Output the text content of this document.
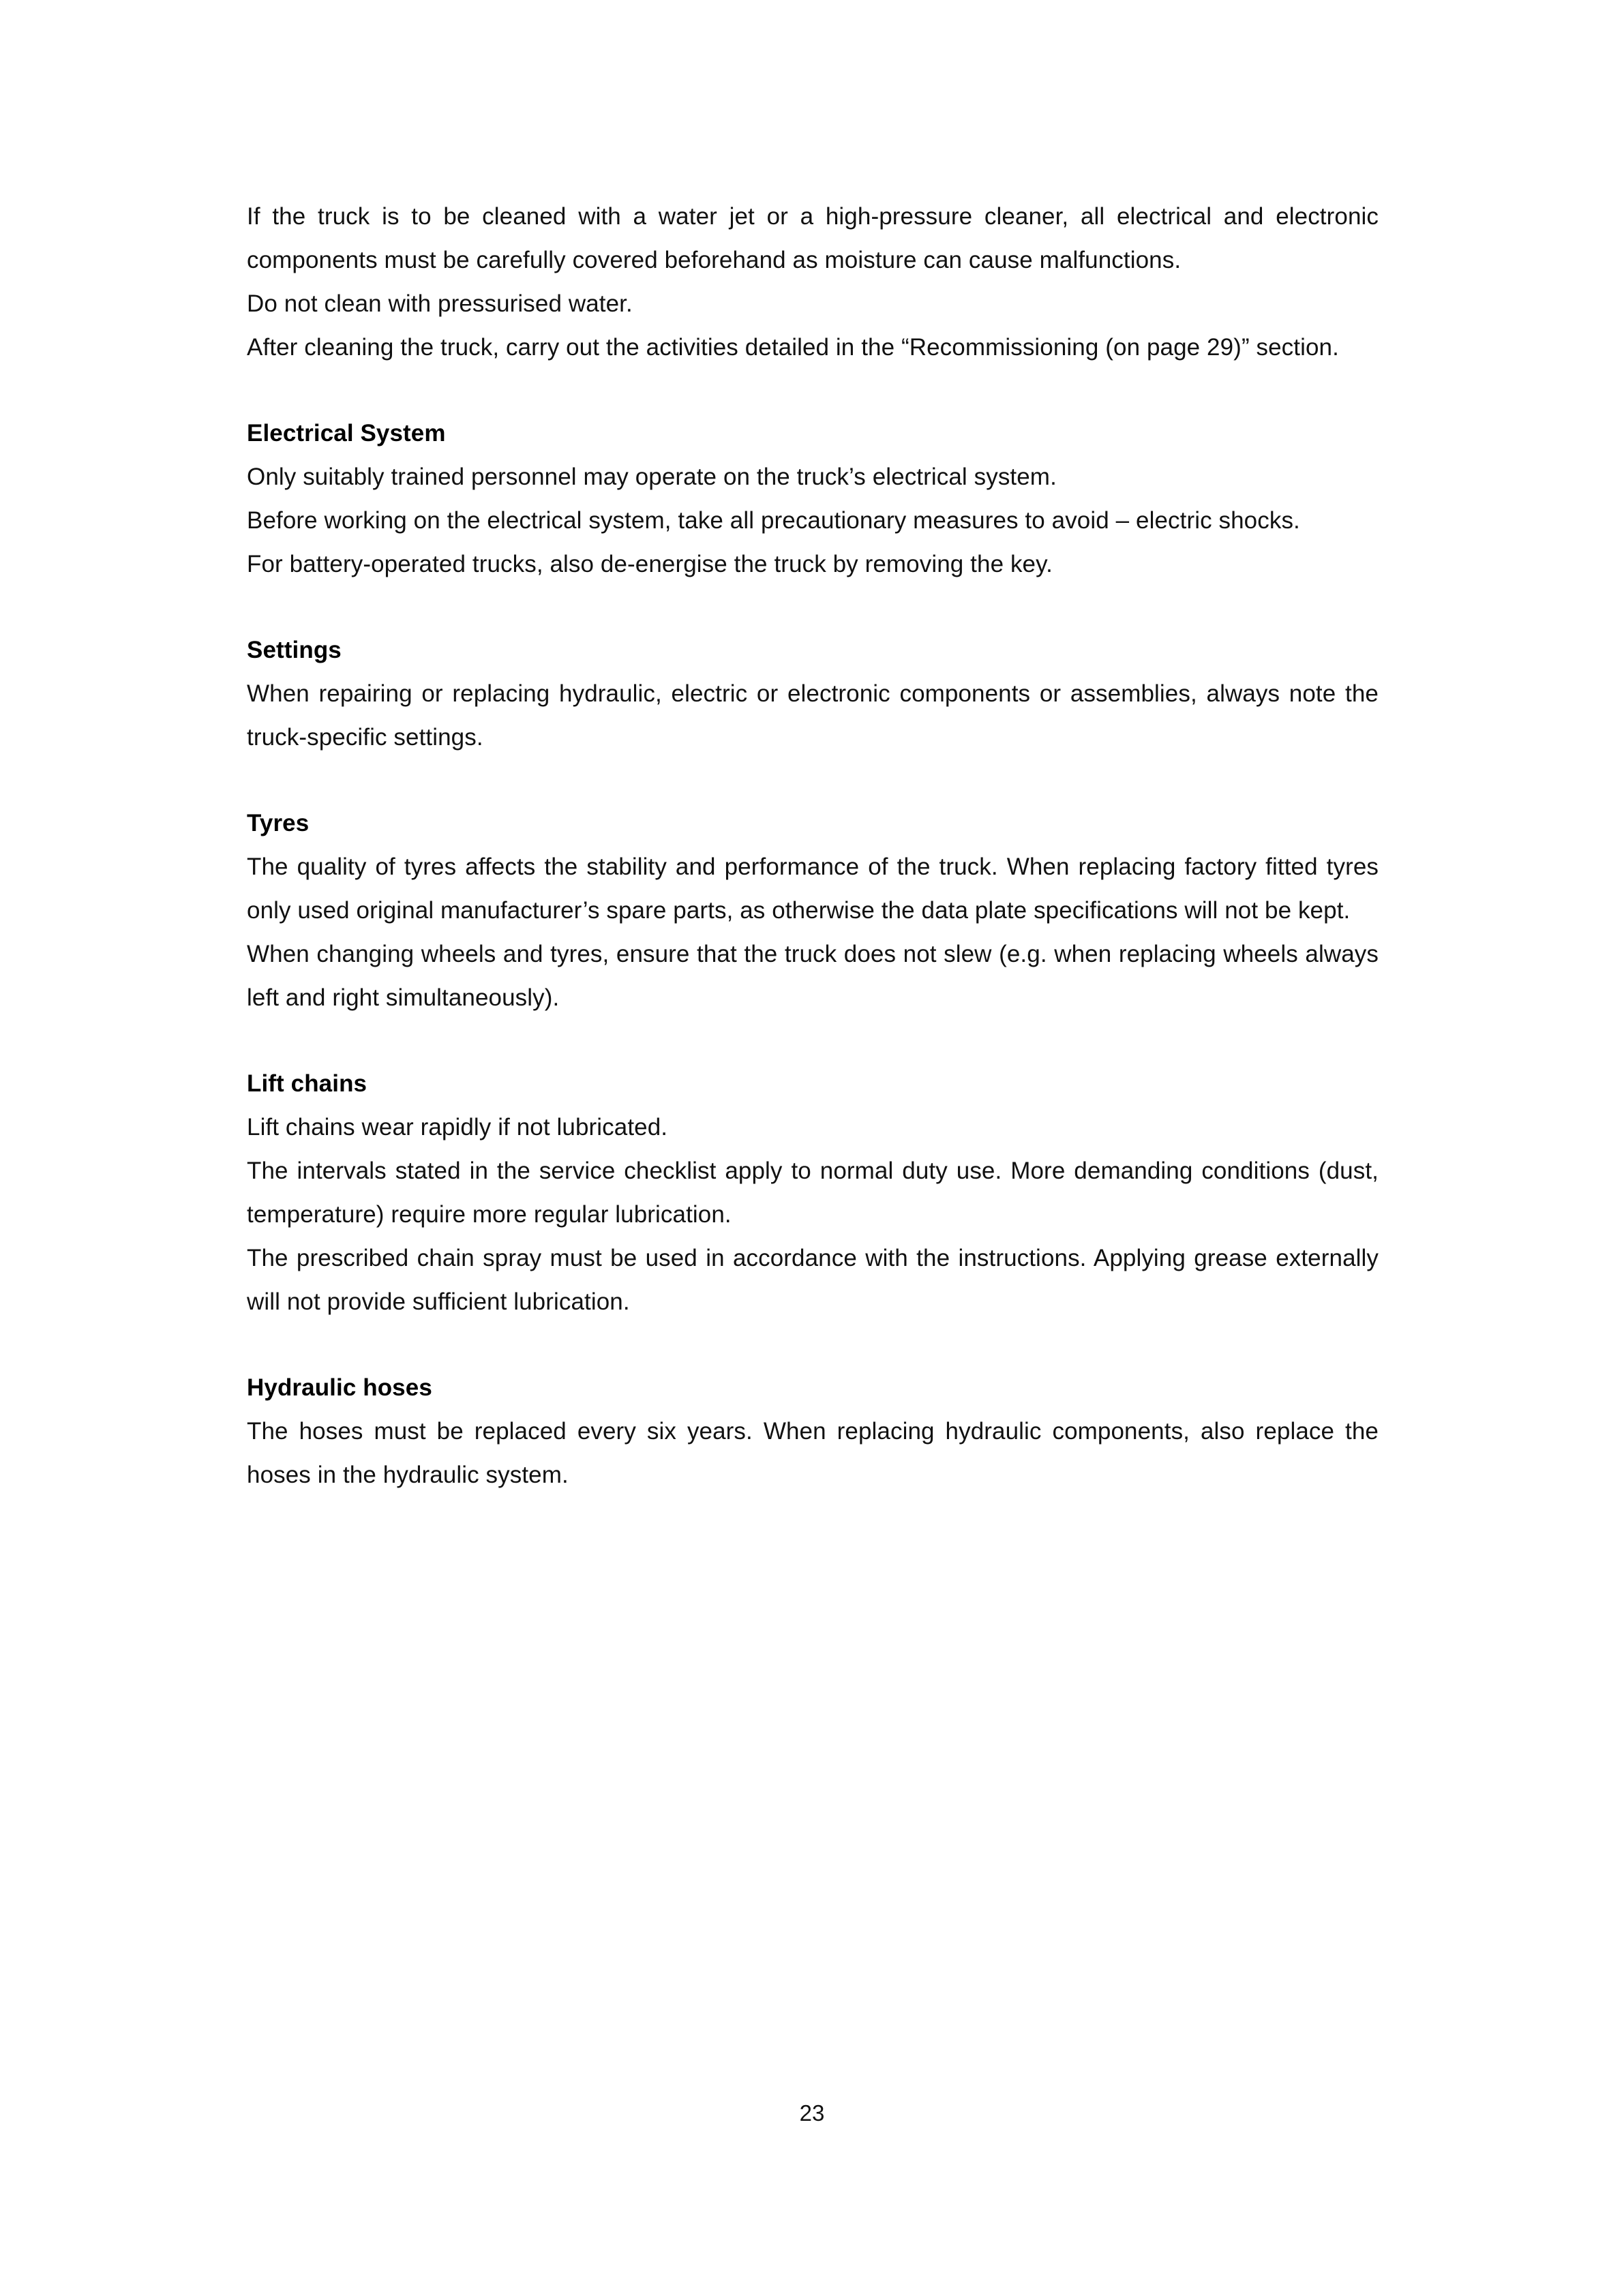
If the truck is to be cleaned with a water jet or a high-pressure cleaner, all electrical and electronic components must be carefully covered beforehand as moisture can cause malfunctions.

Do not clean with pressurised water.

After cleaning the truck, carry out the activities detailed in the “Recommissioning (on page 29)” section.

Electrical System

Only suitably trained personnel may operate on the truck’s electrical system.

Before working on the electrical system, take all precautionary measures to avoid – electric shocks.

For battery-operated trucks, also de-energise the truck by removing the key.

Settings

When repairing or replacing hydraulic, electric or electronic components or assemblies, always note the truck-specific settings.

Tyres

The quality of tyres affects the stability and performance of the truck. When replacing factory fitted tyres only used original manufacturer’s spare parts, as otherwise the data plate specifications will not be kept.

When changing wheels and tyres, ensure that the truck does not slew (e.g. when replacing wheels always left and right simultaneously).

Lift chains

Lift chains wear rapidly if not lubricated.

The intervals stated in the service checklist apply to normal duty use. More demanding conditions (dust, temperature) require more regular lubrication.

The prescribed chain spray must be used in accordance with the instructions. Applying grease externally will not provide sufficient lubrication.

Hydraulic hoses

The hoses must be replaced every six years. When replacing hydraulic components, also replace the hoses in the hydraulic system.

23
